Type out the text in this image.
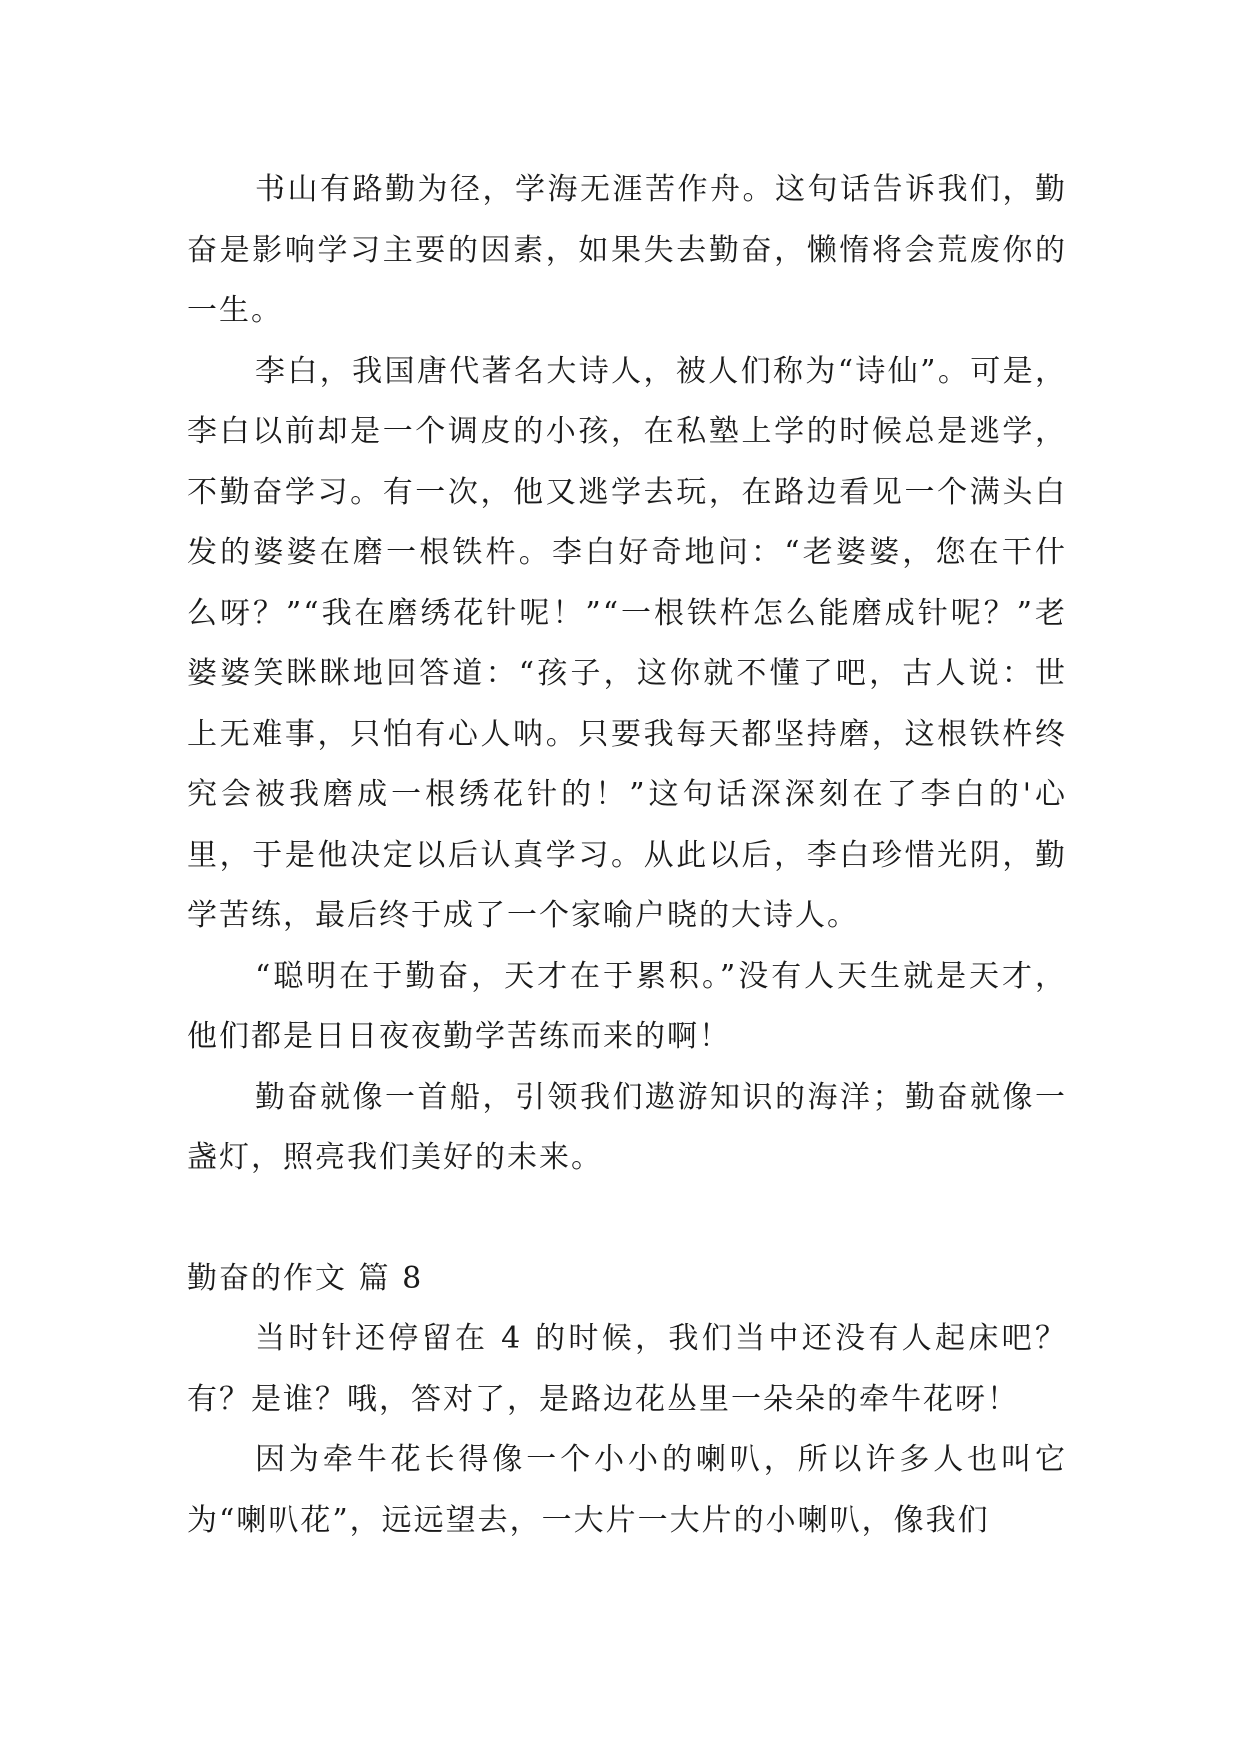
书山有路勤为径，学海无涯苦作舟。这句话告诉我们，勤奋是影响学习主要的因素，如果失去勤奋，懒惰将会荒废你的一生。

李白，我国唐代著名大诗人，被人们称为“诗仙”。可是，李白以前却是一个调皮的小孩，在私塾上学的时候总是逃学，不勤奋学习。有一次，他又逃学去玩，在路边看见一个满头白发的婆婆在磨一根铁杵。李白好奇地问：“老婆婆，您在干什么呀？”“我在磨绣花针呢！”“一根铁杵怎么能磨成针呢？”老婆婆笑眯眯地回答道：“孩子，这你就不懂了吧，古人说：世上无难事，只怕有心人呐。只要我每天都坚持磨，这根铁杵终究会被我磨成一根绣花针的！”这句话深深刻在了李白的'心里，于是他决定以后认真学习。从此以后，李白珍惜光阴，勤学苦练，最后终于成了一个家喻户晓的大诗人。

“聪明在于勤奋，天才在于累积。”没有人天生就是天才，他们都是日日夜夜勤学苦练而来的啊！

勤奋就像一首船，引领我们遨游知识的海洋；勤奋就像一盏灯，照亮我们美好的未来。

勤奋的作文 篇 8

当时针还停留在 4 的时候，我们当中还没有人起床吧？有？是谁？哦，答对了，是路边花丛里一朵朵的牵牛花呀！

因为牵牛花长得像一个小小的喇叭，所以许多人也叫它为“喇叭花”，远远望去，一大片一大片的小喇叭，像我们
